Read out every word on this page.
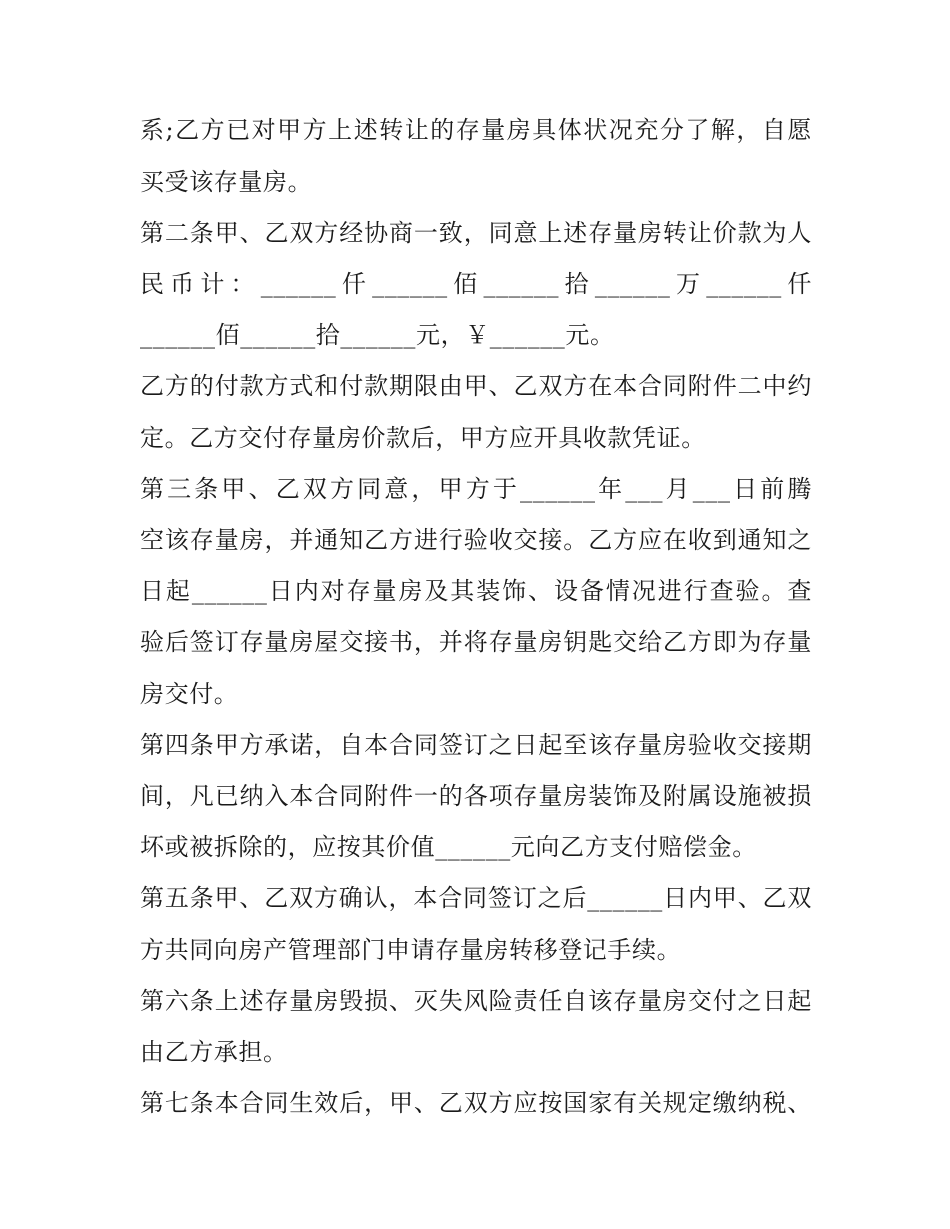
系;乙方已对甲方上述转让的存量房具体状况充分了解，自愿
买受该存量房。
第二条甲、乙双方经协商一致，同意上述存量房转让价款为人
民币计：______仟______佰______拾______万______仟
______佰______拾______元，￥______元。
乙方的付款方式和付款期限由甲、乙双方在本合同附件二中约
定。乙方交付存量房价款后，甲方应开具收款凭证。
第三条甲、乙双方同意，甲方于______年___月___日前腾
空该存量房，并通知乙方进行验收交接。乙方应在收到通知之
日起______日内对存量房及其装饰、设备情况进行查验。查
验后签订存量房屋交接书，并将存量房钥匙交给乙方即为存量
房交付。
第四条甲方承诺，自本合同签订之日起至该存量房验收交接期
间，凡已纳入本合同附件一的各项存量房装饰及附属设施被损
坏或被拆除的，应按其价值______元向乙方支付赔偿金。
第五条甲、乙双方确认，本合同签订之后______日内甲、乙双
方共同向房产管理部门申请存量房转移登记手续。
第六条上述存量房毁损、灭失风险责任自该存量房交付之日起
由乙方承担。
第七条本合同生效后，甲、乙双方应按国家有关规定缴纳税、
